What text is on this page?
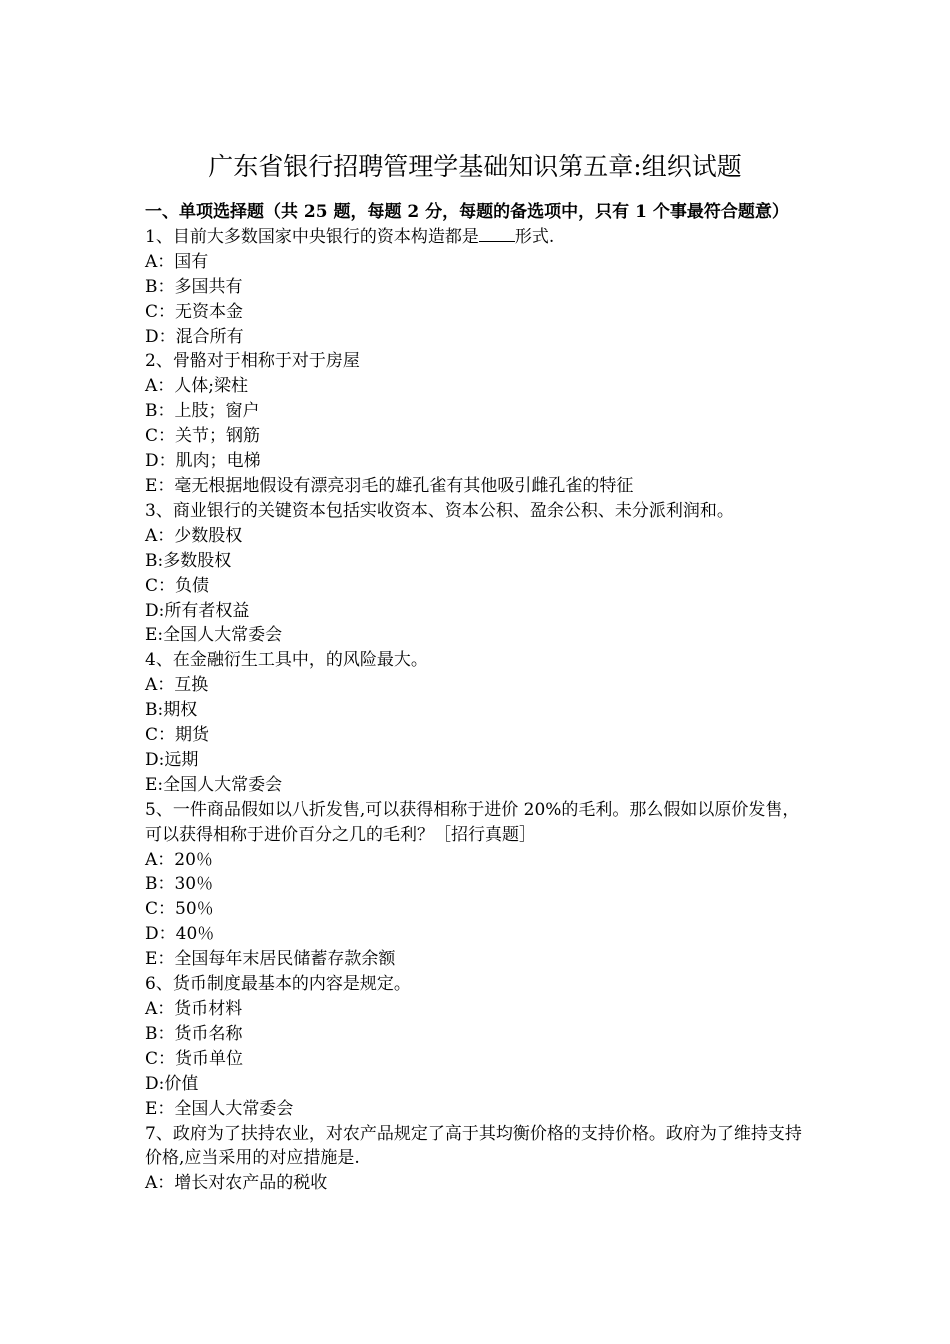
广东省银行招聘管理学基础知识第五章:组织试题
一、单项选择题（共 25 题，每题 2 分，每题的备选项中，只有 1 个事最符合题意）
1、目前大多数国家中央银行的资本构造都是 形式.
A：国有
B：多国共有
C：无资本金
D：混合所有
2、骨骼对于相称于对于房屋
A：人体;梁柱
B：上肢；窗户
C：关节；钢筋
D：肌肉；电梯
E：毫无根据地假设有漂亮羽毛的雄孔雀有其他吸引雌孔雀的特征
3、商业银行的关键资本包括实收资本、资本公积、盈余公积、未分派利润和。
A：少数股权
B:多数股权
C：负债
D:所有者权益
E:全国人大常委会
4、在金融衍生工具中，的风险最大。
A：互换
B:期权
C：期货
D:远期
E:全国人大常委会
5、一件商品假如以八折发售,可以获得相称于进价 20%的毛利。那么假如以原价发售，可以获得相称于进价百分之几的毛利？［招行真题］
A：20％
B：30％
C：50％
D：40％
E：全国每年末居民储蓄存款余额
6、货币制度最基本的内容是规定。
A：货币材料
B：货币名称
C：货币单位
D:价值
E：全国人大常委会
7、政府为了扶持农业，对农产品规定了高于其均衡价格的支持价格。政府为了维持支持价格,应当采用的对应措施是.
A：增长对农产品的税收
